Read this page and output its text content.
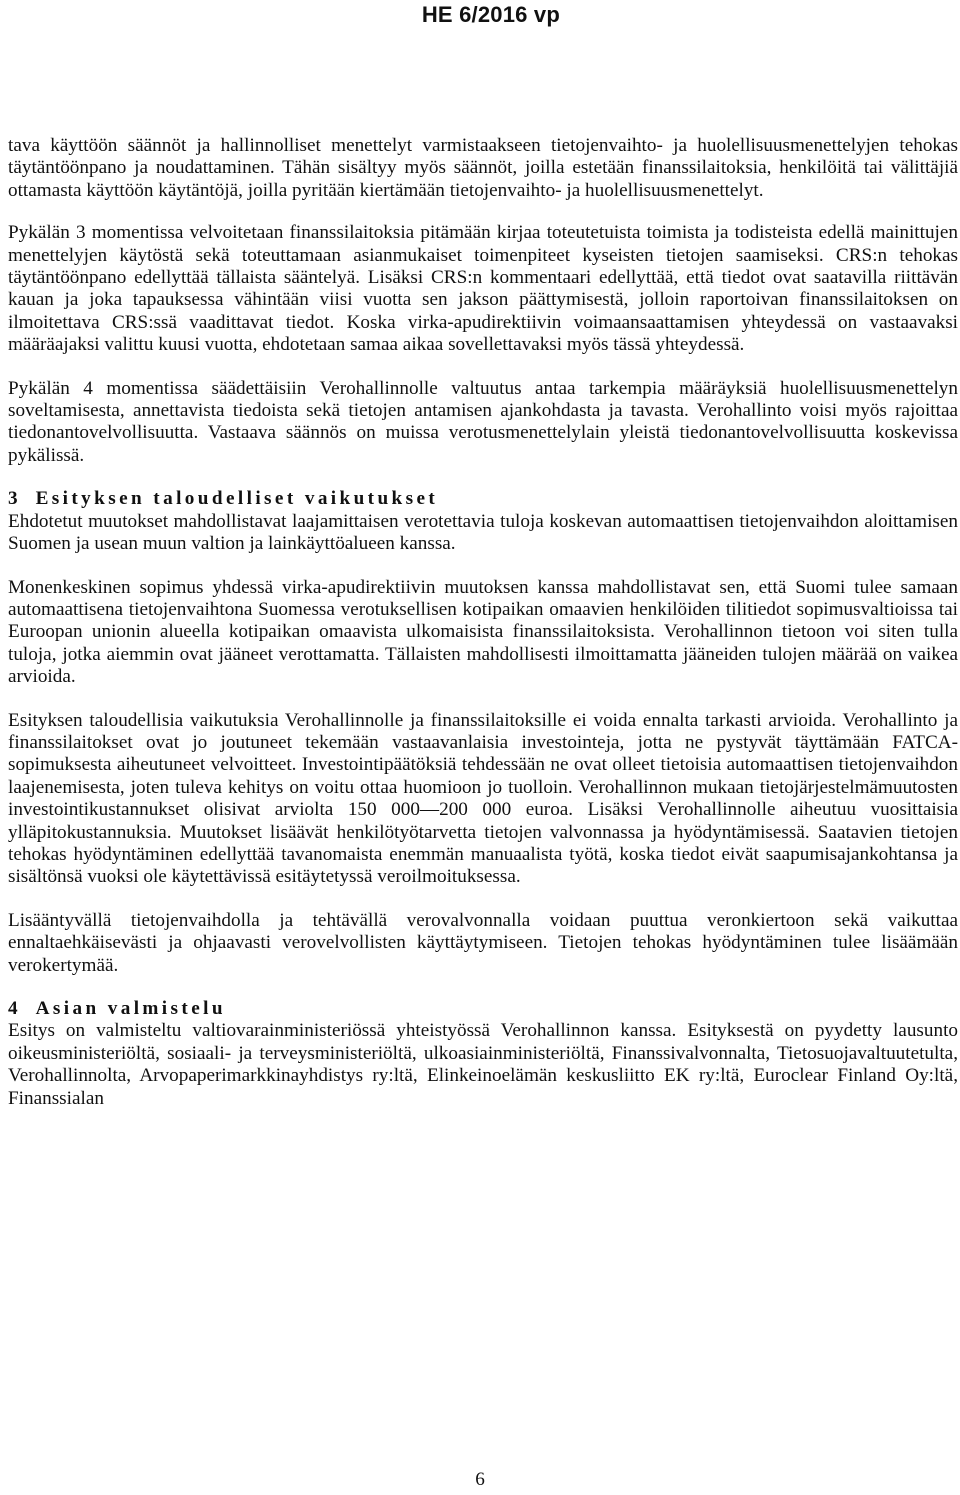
HE 6/2016 vp

tava käyttöön säännöt ja hallinnolliset menettelyt varmistaakseen tietojenvaihto- ja huolellisuusmenettelyjen tehokas täytäntöönpano ja noudattaminen. Tähän sisältyy myös säännöt, joilla estetään finanssilaitoksia, henkilöitä tai välittäjiä ottamasta käyttöön käytäntöjä, joilla pyritään kiertämään tietojenvaihto- ja huolellisuusmenettelyt.

Pykälän 3 momentissa velvoitetaan finanssilaitoksia pitämään kirjaa toteutetuista toimista ja todisteista edellä mainittujen menettelyjen käytöstä sekä toteuttamaan asianmukaiset toimenpiteet kyseisten tietojen saamiseksi. CRS:n tehokas täytäntöönpano edellyttää tällaista sääntelyä. Lisäksi CRS:n kommentaari edellyttää, että tiedot ovat saatavilla riittävän kauan ja joka tapauksessa vähintään viisi vuotta sen jakson päättymisestä, jolloin raportoivan finanssilaitoksen on ilmoitettava CRS:ssä vaadittavat tiedot. Koska virka-apudirektiivin voimaansaattamisen yhteydessä on vastaavaksi määräajaksi valittu kuusi vuotta, ehdotetaan samaa aikaa sovellettavaksi myös tässä yhteydessä.

Pykälän 4 momentissa säädettäisiin Verohallinnolle valtuutus antaa tarkempia määräyksiä huolellisuusmenettelyn soveltamisesta, annettavista tiedoista sekä tietojen antamisen ajankohdasta ja tavasta. Verohallinto voisi myös rajoittaa tiedonantovelvollisuutta. Vastaava säännös on muissa verotusmenettelylain yleistä tiedonantovelvollisuutta koskevissa pykälissä.

3 Esityksen taloudelliset vaikutukset

Ehdotetut muutokset mahdollistavat laajamittaisen verotettavia tuloja koskevan automaattisen tietojenvaihdon aloittamisen Suomen ja usean muun valtion ja lainkäyttöalueen kanssa.

Monenkeskinen sopimus yhdessä virka-apudirektiivin muutoksen kanssa mahdollistavat sen, että Suomi tulee samaan automaattisena tietojenvaihtona Suomessa verotuksellisen kotipaikan omaavien henkilöiden tilitiedot sopimusvaltioissa tai Euroopan unionin alueella kotipaikan omaavista ulkomaisista finanssilaitoksista. Verohallinnon tietoon voi siten tulla tuloja, jotka aiemmin ovat jääneet verottamatta. Tällaisten mahdollisesti ilmoittamatta jääneiden tulojen määrää on vaikea arvioida.

Esityksen taloudellisia vaikutuksia Verohallinnolle ja finanssilaitoksille ei voida ennalta tarkasti arvioida. Verohallinto ja finanssilaitokset ovat jo joutuneet tekemään vastaavanlaisia investointeja, jotta ne pystyvät täyttämään FATCA-sopimuksesta aiheutuneet velvoitteet. Investointipäätöksiä tehdessään ne ovat olleet tietoisia automaattisen tietojenvaihdon laajenemisesta, joten tuleva kehitys on voitu ottaa huomioon jo tuolloin. Verohallinnon mukaan tietojärjestelmämuutosten investointikustannukset olisivat arviolta 150 000—200 000 euroa. Lisäksi Verohallinnolle aiheutuu vuosittaisia ylläpitokustannuksia. Muutokset lisäävät henkilötyötarvetta tietojen valvonnassa ja hyödyntämisessä. Saatavien tietojen tehokas hyödyntäminen edellyttää tavanomaista enemmän manuaalista työtä, koska tiedot eivät saapumisajankohtansa ja sisältönsä vuoksi ole käytettävissä esitäytetyssä veroilmoituksessa.

Lisääntyvällä tietojenvaihdolla ja tehtävällä verovalvonnalla voidaan puuttua veronkiertoon sekä vaikuttaa ennaltaehkäisevästi ja ohjaavasti verovelvollisten käyttäytymiseen. Tietojen tehokas hyödyntäminen tulee lisäämään verokertymää.

4 Asian valmistelu

Esitys on valmisteltu valtiovarainministeriössä yhteistyössä Verohallinnon kanssa. Esityksestä on pyydetty lausunto oikeusministeriöltä, sosiaali- ja terveysministeriöltä, ulkoasiainministeriöltä, Finanssivalvonnalta, Tietosuojavaltuutetulta, Verohallinnolta, Arvopaperimarkkinayhdistys ry:ltä, Elinkeinoelämän keskusliitto EK ry:ltä, Euroclear Finland Oy:ltä, Finanssialan

6
